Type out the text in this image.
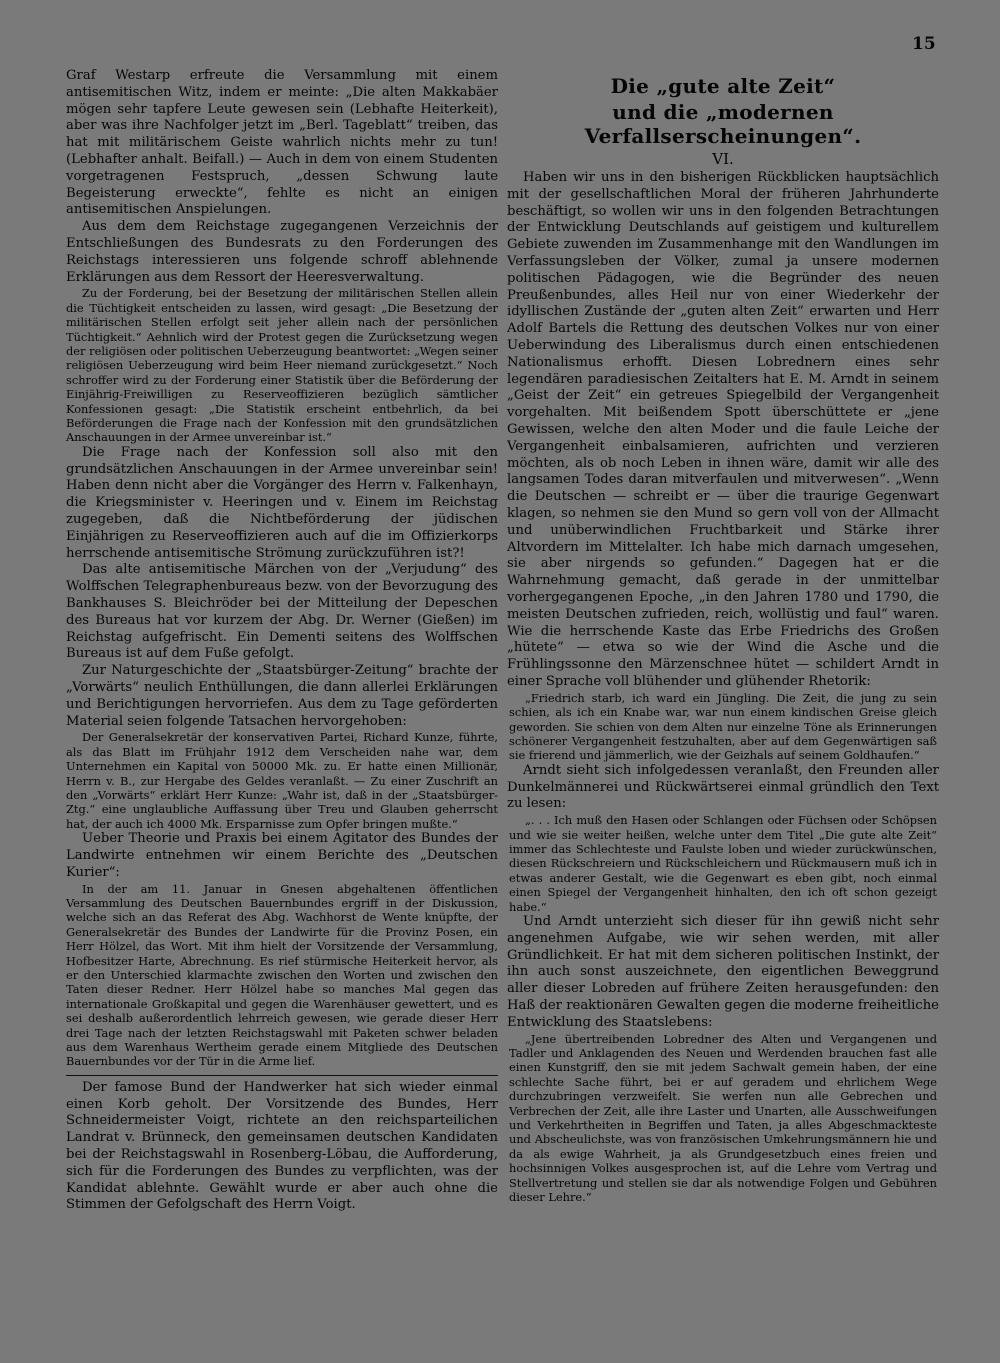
15

Graf Westarp erfreute die Versammlung mit einem antisemitischen Witz, indem er meinte: „Die alten Makkabäer mögen sehr tapfere Leute gewesen sein (Lebhafte Heiterkeit), aber was ihre Nachfolger jetzt im „Berl. Tageblatt“ treiben, das hat mit militärischem Geiste wahrlich nichts mehr zu tun! (Lebhafter anhalt. Beifall.) — Auch in dem von einem Studenten vorgetragenen Festspruch, „dessen Schwung laute Begeisterung erweckte“, fehlte es nicht an einigen antisemitischen Anspielungen.

Aus dem dem Reichstage zugegangenen Verzeichnis der Entschließungen des Bundesrats zu den Forderungen des Reichstags interessieren uns folgende schroff ablehnende Erklärungen aus dem Ressort der Heeresverwaltung.

Zu der Forderung, bei der Besetzung der militärischen Stellen allein die Tüchtigkeit entscheiden zu lassen, wird gesagt: „Die Besetzung der militärischen Stellen erfolgt seit jeher allein nach der persönlichen Tüchtigkeit.“ Aehnlich wird der Protest gegen die Zurücksetzung wegen der religiösen oder politischen Ueberzeugung beantwortet: „Wegen seiner religiösen Ueberzeugung wird beim Heer niemand zurückgesetzt.“ Noch schroffer wird zu der Forderung einer Statistik über die Beförderung der Einjährig-Freiwilligen zu Reserveoffizieren bezüglich sämtlicher Konfessionen gesagt: „Die Statistik erscheint entbehrlich, da bei Beförderungen die Frage nach der Konfession mit den grundsätzlichen Anschauungen in der Armee unvereinbar ist.“

Die Frage nach der Konfession soll also mit den grundsätzlichen Anschauungen in der Armee unvereinbar sein! Haben denn nicht aber die Vorgänger des Herrn v. Falkenhayn, die Kriegsminister v. Heeringen und v. Einem im Reichstag zugegeben, daß die Nichtbeförderung der jüdischen Einjährigen zu Reserveoffizieren auch auf die im Offizierkorps herrschende antisemitische Strömung zurückzuführen ist?!

Das alte antisemitische Märchen von der „Verjudung“ des Wolffschen Telegraphenbureaus bezw. von der Bevorzugung des Bankhauses S. Bleichröder bei der Mitteilung der Depeschen des Bureaus hat vor kurzem der Abg. Dr. Werner (Gießen) im Reichstag aufgefrischt. Ein Dementi seitens des Wolffschen Bureaus ist auf dem Fuße gefolgt.

Zur Naturgeschichte der „Staatsbürger-Zeitung“ brachte der „Vorwärts“ neulich Enthüllungen, die dann allerlei Erklärungen und Berichtigungen hervorriefen. Aus dem zu Tage geförderten Material seien folgende Tatsachen hervorgehoben:

Der Generalsekretär der konservativen Partei, Richard Kunze, führte, als das Blatt im Frühjahr 1912 dem Verscheiden nahe war, dem Unternehmen ein Kapital von 50000 Mk. zu. Er hatte einen Millionär, Herrn v. B., zur Hergabe des Geldes veranlaßt. — Zu einer Zuschrift an den „Vorwärts“ erklärt Herr Kunze: „Wahr ist, daß in der „Staatsbürger-Ztg.“ eine unglaubliche Auffassung über Treu und Glauben geherrscht hat, der auch ich 4000 Mk. Ersparnisse zum Opfer bringen mußte.“

Ueber Theorie und Praxis bei einem Agitator des Bundes der Landwirte entnehmen wir einem Berichte des „Deutschen Kurier“:

In der am 11. Januar in Gnesen abgehaltenen öffentlichen Versammlung des Deutschen Bauernbundes ergriff in der Diskussion, welche sich an das Referat des Abg. Wachhorst de Wente knüpfte, der Generalsekretär des Bundes der Landwirte für die Provinz Posen, ein Herr Hölzel, das Wort. Mit ihm hielt der Vorsitzende der Versammlung, Hofbesitzer Harte, Abrechnung. Es rief stürmische Heiterkeit hervor, als er den Unterschied klarmachte zwischen den Worten und zwischen den Taten dieser Redner. Herr Hölzel habe so manches Mal gegen das internationale Großkapital und gegen die Warenhäuser gewettert, und es sei deshalb außerordentlich lehrreich gewesen, wie gerade dieser Herr drei Tage nach der letzten Reichstagswahl mit Paketen schwer beladen aus dem Warenhaus Wertheim gerade einem Mitgliede des Deutschen Bauernbundes vor der Tür in die Arme lief.

Der famose Bund der Handwerker hat sich wieder einmal einen Korb geholt. Der Vorsitzende des Bundes, Herr Schneidermeister Voigt, richtete an den reichsparteilichen Landrat v. Brünneck, den gemeinsamen deutschen Kandidaten bei der Reichstagswahl in Rosenberg-Löbau, die Aufforderung, sich für die Forderungen des Bundes zu verpflichten, was der Kandidat ablehnte. Gewählt wurde er aber auch ohne die Stimmen der Gefolgschaft des Herrn Voigt.

Die „gute alte Zeit“
und die „modernen Verfallserscheinungen“.
VI.

Haben wir uns in den bisherigen Rückblicken hauptsächlich mit der gesellschaftlichen Moral der früheren Jahrhunderte beschäftigt, so wollen wir uns in den folgenden Betrachtungen der Entwicklung Deutschlands auf geistigem und kulturellem Gebiete zuwenden im Zusammenhange mit den Wandlungen im Verfassungsleben der Völker, zumal ja unsere modernen politischen Pädagogen, wie die Begründer des neuen Preußenbundes, alles Heil nur von einer Wiederkehr der idyllischen Zustände der „guten alten Zeit“ erwarten und Herr Adolf Bartels die Rettung des deutschen Volkes nur von einer Ueberwindung des Liberalismus durch einen entschiedenen Nationalismus erhofft. Diesen Lobrednern eines sehr legendären paradiesischen Zeitalters hat E. M. Arndt in seinem „Geist der Zeit“ ein getreues Spiegelbild der Vergangenheit vorgehalten. Mit beißendem Spott überschüttete er „jene Gewissen, welche den alten Moder und die faule Leiche der Vergangenheit einbalsamieren, aufrichten und verzieren möchten, als ob noch Leben in ihnen wäre, damit wir alle des langsamen Todes daran mitverfaulen und mitverwesen“. „Wenn die Deutschen — schreibt er — über die traurige Gegenwart klagen, so nehmen sie den Mund so gern voll von der Allmacht und unüberwindlichen Fruchtbarkeit und Stärke ihrer Altvordern im Mittelalter. Ich habe mich darnach umgesehen, sie aber nirgends so gefunden.“ Dagegen hat er die Wahrnehmung gemacht, daß gerade in der unmittelbar vorhergegangenen Epoche, „in den Jahren 1780 und 1790, die meisten Deutschen zufrieden, reich, wollüstig und faul“ waren. Wie die herrschende Kaste das Erbe Friedrichs des Großen „hütete“ — etwa so wie der Wind die Asche und die Frühlingssonne den Märzenschnee hütet — schildert Arndt in einer Sprache voll blühender und glühender Rhetorik:

„Friedrich starb, ich ward ein Jüngling. Die Zeit, die jung zu sein schien, als ich ein Knabe war, war nun einem kindischen Greise gleich geworden. Sie schien von dem Alten nur einzelne Töne als Erinnerungen schönerer Vergangenheit festzuhalten, aber auf dem Gegenwärtigen saß sie frierend und jämmerlich, wie der Geizhals auf seinem Goldhaufen.“

Arndt sieht sich infolgedessen veranlaßt, den Freunden aller Dunkelmännerei und Rückwärtserei einmal gründlich den Text zu lesen:

„. . . Ich muß den Hasen oder Schlangen oder Füchsen oder Schöpsen und wie sie weiter heißen, welche unter dem Titel „Die gute alte Zeit“ immer das Schlechteste und Faulste loben und wieder zurückwünschen, diesen Rückschreiern und Rückschleichern und Rückmausern muß ich in etwas anderer Gestalt, wie die Gegenwart es eben gibt, noch einmal einen Spiegel der Vergangenheit hinhalten, den ich oft schon gezeigt habe.“

Und Arndt unterzieht sich dieser für ihn gewiß nicht sehr angenehmen Aufgabe, wie wir sehen werden, mit aller Gründlichkeit. Er hat mit dem sicheren politischen Instinkt, der ihn auch sonst auszeichnete, den eigentlichen Beweggrund aller dieser Lobreden auf frühere Zeiten herausgefunden: den Haß der reaktionären Gewalten gegen die moderne freiheitliche Entwicklung des Staatslebens:

„Jene übertreibenden Lobredner des Alten und Vergangenen und Tadler und Anklagenden des Neuen und Werdenden brauchen fast alle einen Kunstgriff, den sie mit jedem Sachwalt gemein haben, der eine schlechte Sache führt, bei er auf geradem und ehrlichem Wege durchzubringen verzweifelt. Sie werfen nun alle Gebrechen und Verbrechen der Zeit, alle ihre Laster und Unarten, alle Ausschweifungen und Verkehrtheiten in Begriffen und Taten, ja alles Abgeschmackteste und Abscheulichste, was von französischen Umkehrungsmännern hie und da als ewige Wahrheit, ja als Grundgesetzbuch eines freien und hochsinnigen Volkes ausgesprochen ist, auf die Lehre vom Vertrag und Stellvertretung und stellen sie dar als notwendige Folgen und Gebühren dieser Lehre.“
